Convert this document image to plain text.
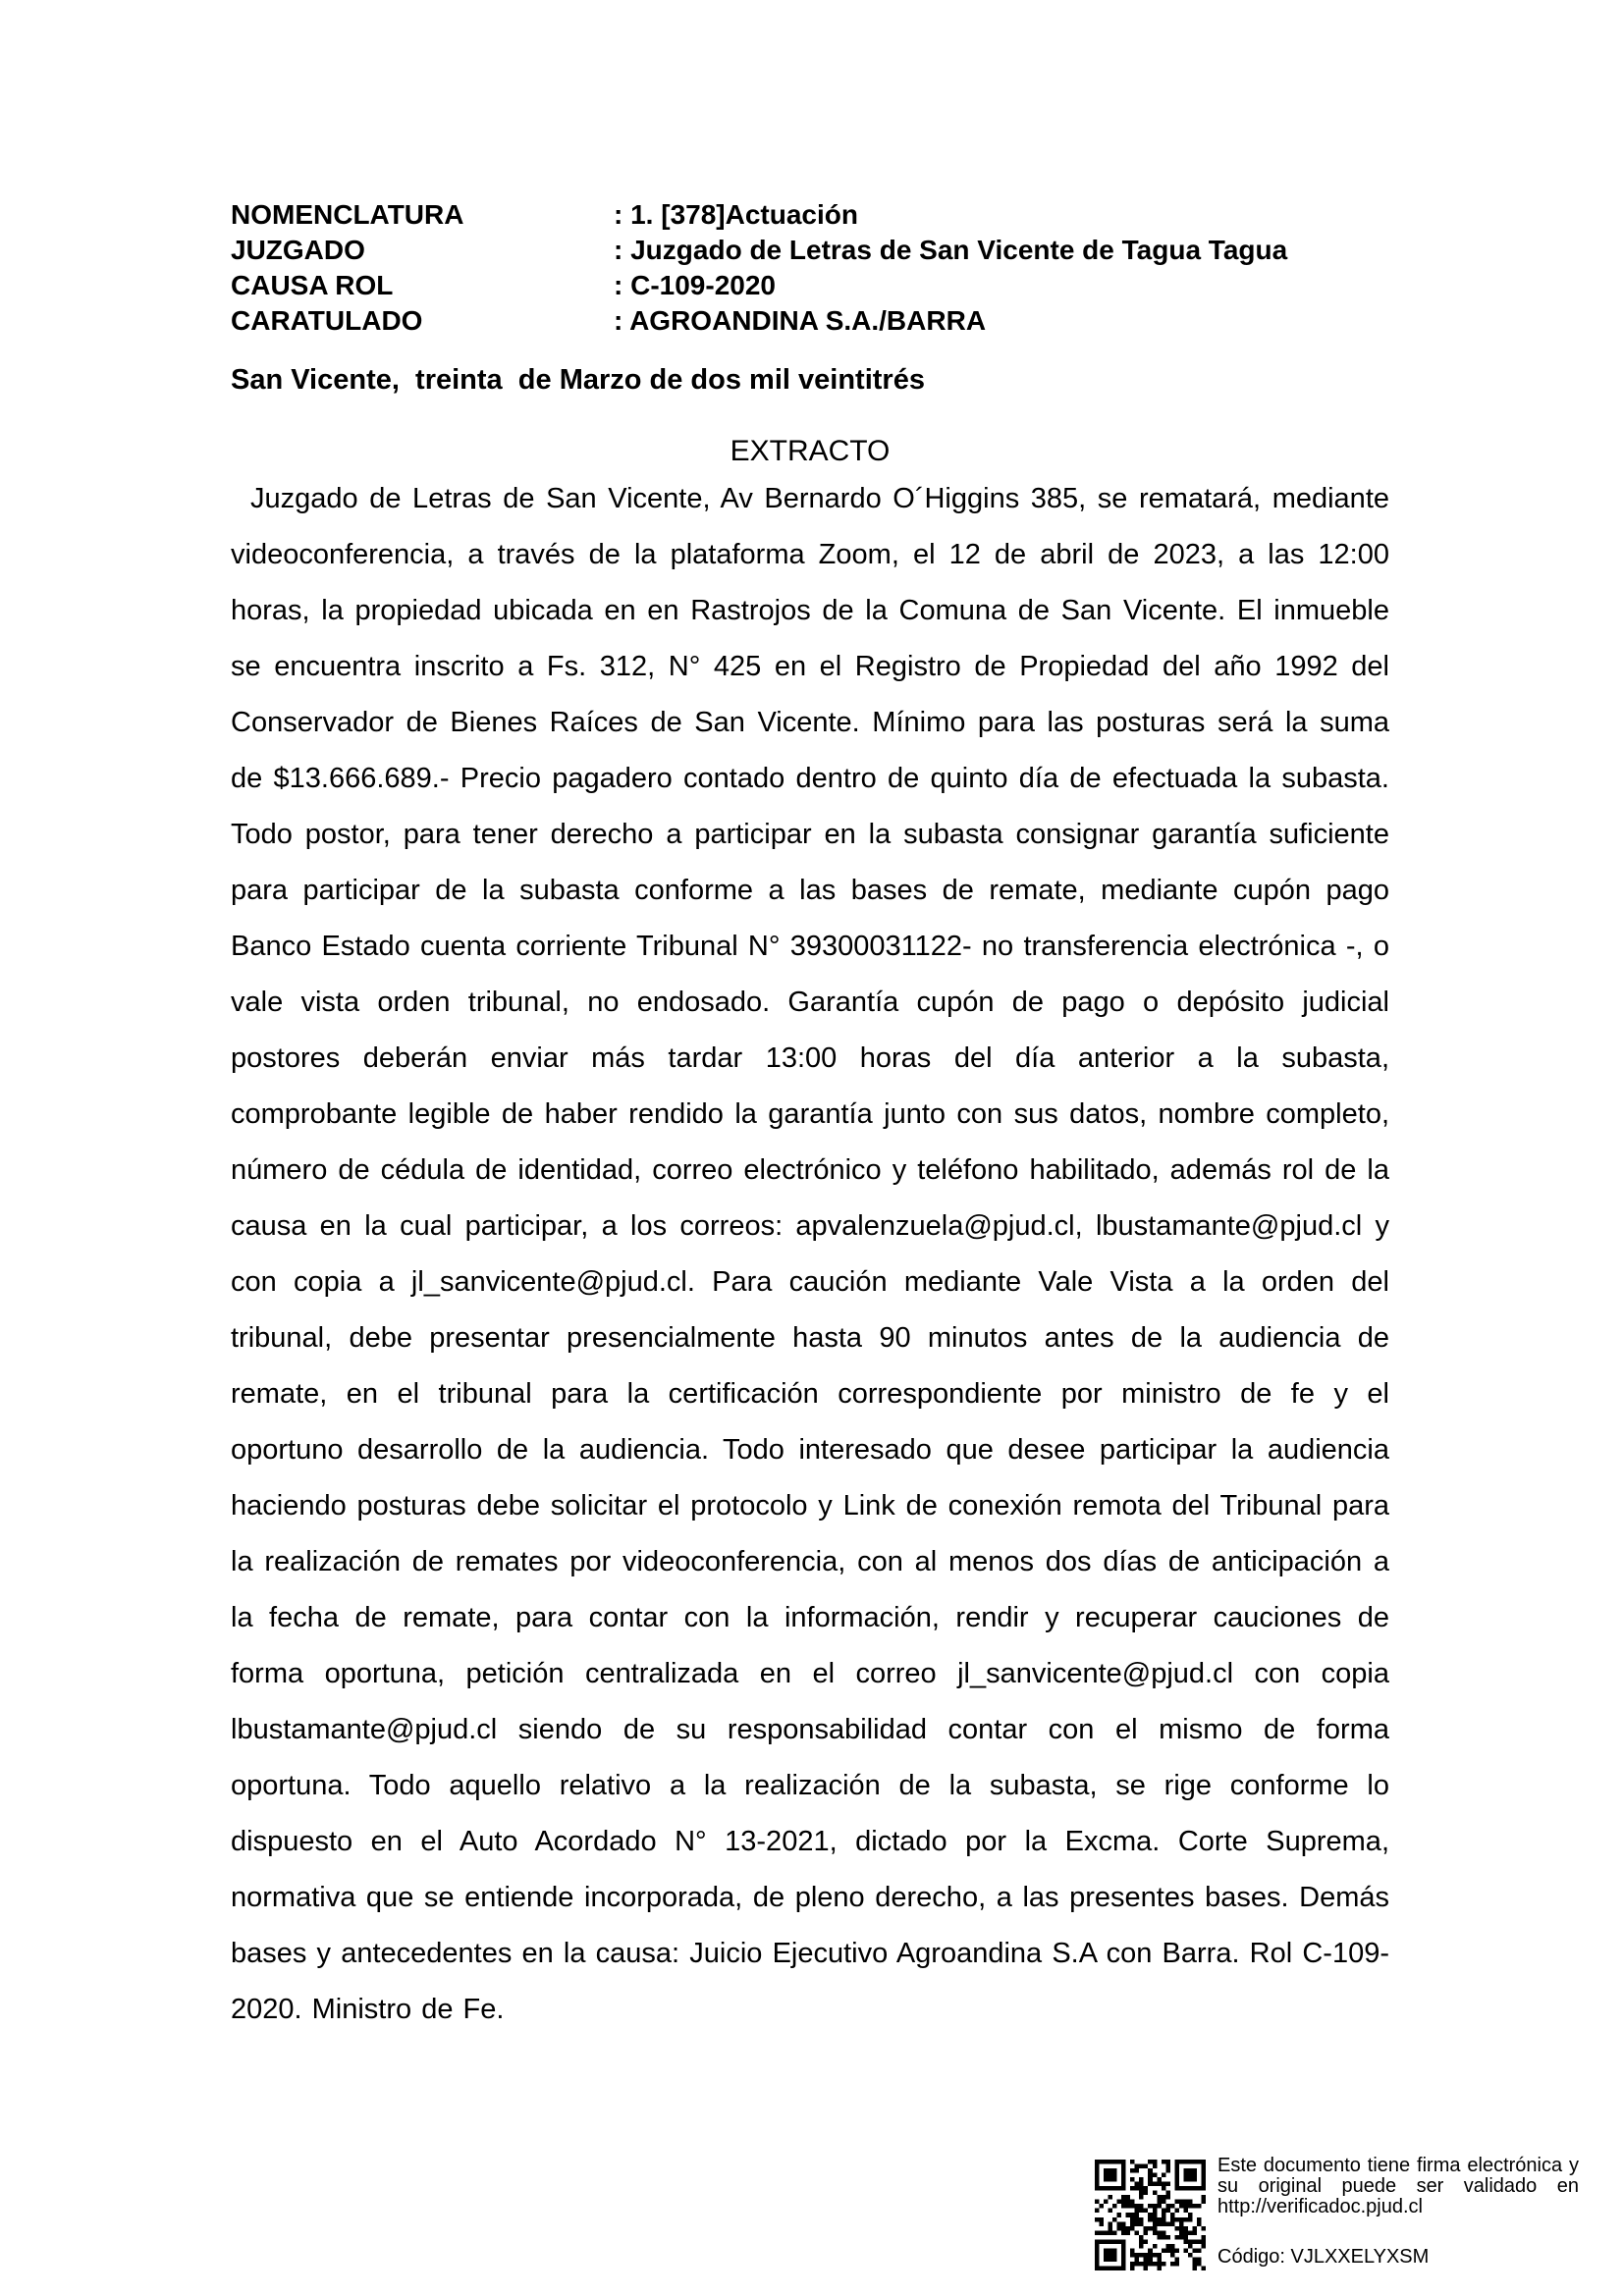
NOMENCLATURA	: 1. [378]Actuación
JUZGADO	: Juzgado de Letras de San Vicente de Tagua Tagua
CAUSA ROL	: C-109-2020
CARATULADO	: AGROANDINA S.A./BARRA
San Vicente,  treinta  de Marzo de dos mil veintitrés
EXTRACTO
Juzgado de Letras de San Vicente, Av Bernardo O´Higgins 385, se rematará, mediante videoconferencia, a través de la plataforma Zoom, el 12 de abril de 2023, a las 12:00 horas, la propiedad ubicada en en Rastrojos de la Comuna de San Vicente. El inmueble se encuentra inscrito a Fs. 312, N° 425 en el Registro de Propiedad del año 1992 del Conservador de Bienes Raíces de San Vicente. Mínimo para las posturas será la suma de $13.666.689.- Precio pagadero contado dentro de quinto día de efectuada la subasta. Todo postor, para tener derecho a participar en la subasta consignar garantía suficiente para participar de la subasta conforme a las bases de remate, mediante cupón pago Banco Estado cuenta corriente Tribunal N° 39300031122- no transferencia electrónica -, o vale vista orden tribunal, no endosado. Garantía cupón de pago o depósito judicial postores deberán enviar más tardar 13:00 horas del día anterior a la subasta, comprobante legible de haber rendido la garantía junto con sus datos, nombre completo, número de cédula de identidad, correo electrónico y teléfono habilitado, además rol de la causa en la cual participar, a los correos: apvalenzuela@pjud.cl, lbustamante@pjud.cl y con copia a jl_sanvicente@pjud.cl. Para caución mediante Vale Vista a la orden del tribunal, debe presentar presencialmente hasta 90 minutos antes de la audiencia de remate, en el tribunal para la certificación correspondiente por ministro de fe y el oportuno desarrollo de la audiencia. Todo interesado que desee participar la audiencia haciendo posturas debe solicitar el protocolo y Link de conexión remota del Tribunal para la realización de remates por videoconferencia, con al menos dos días de anticipación a la fecha de remate, para contar con la información, rendir y recuperar cauciones de forma oportuna, petición centralizada en el correo jl_sanvicente@pjud.cl con copia lbustamante@pjud.cl siendo de su responsabilidad contar con el mismo de forma oportuna. Todo aquello relativo a la realización de la subasta, se rige conforme lo dispuesto en el Auto Acordado N° 13-2021, dictado por la Excma. Corte Suprema, normativa que se entiende incorporada, de pleno derecho, a las presentes bases. Demás bases y antecedentes en la causa: Juicio Ejecutivo Agroandina S.A con Barra. Rol C-109-2020. Ministro de Fe.
Este documento tiene firma electrónica y su original puede ser validado en http://verificadoc.pjud.cl
Código: VJLXXELYXSM
